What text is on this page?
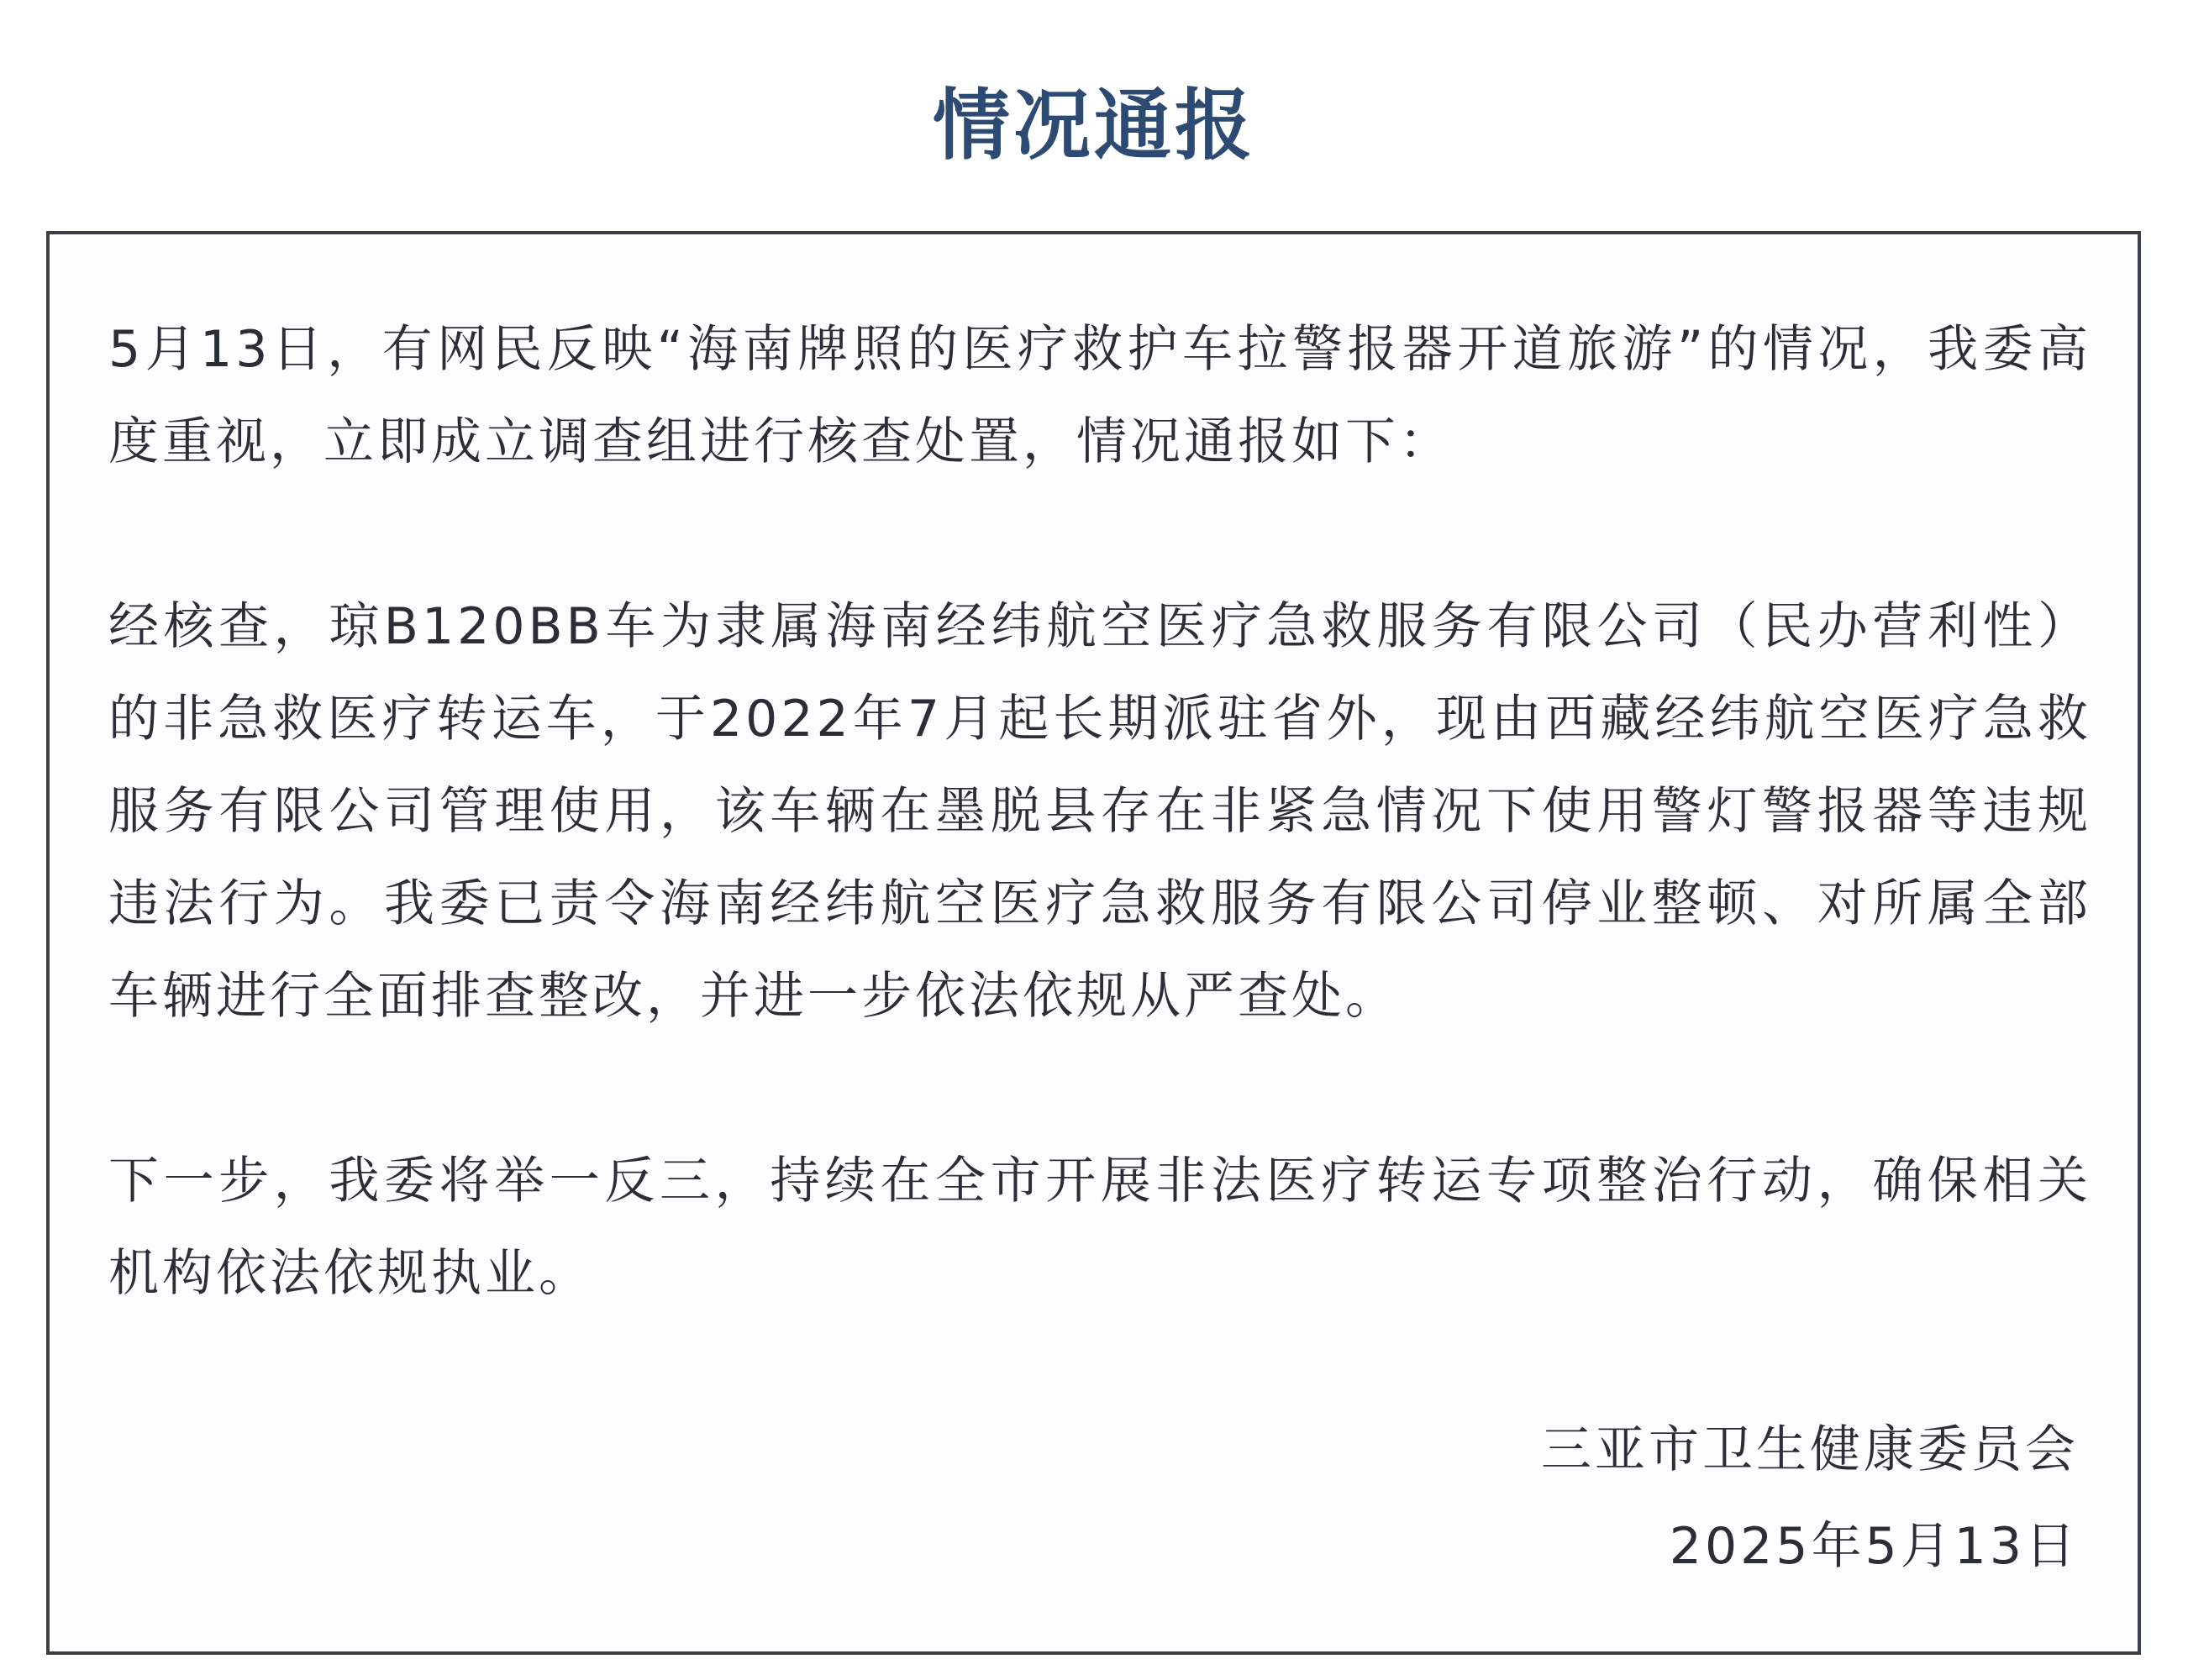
情况通报

5月13日，有网民反映“海南牌照的医疗救护车拉警报器开道旅游”的情况，我委高度重视，立即成立调查组进行核查处置，情况通报如下：

经核查，琼B120BB车为隶属海南经纬航空医疗急救服务有限公司（民办营利性）的非急救医疗转运车，于2022年7月起长期派驻省外，现由西藏经纬航空医疗急救服务有限公司管理使用，该车辆在墨脱县存在非紧急情况下使用警灯警报器等违规违法行为。我委已责令海南经纬航空医疗急救服务有限公司停业整顿、对所属全部车辆进行全面排查整改，并进一步依法依规从严查处。

下一步，我委将举一反三，持续在全市开展非法医疗转运专项整治行动，确保相关机构依法依规执业。

三亚市卫生健康委员会
2025年5月13日
